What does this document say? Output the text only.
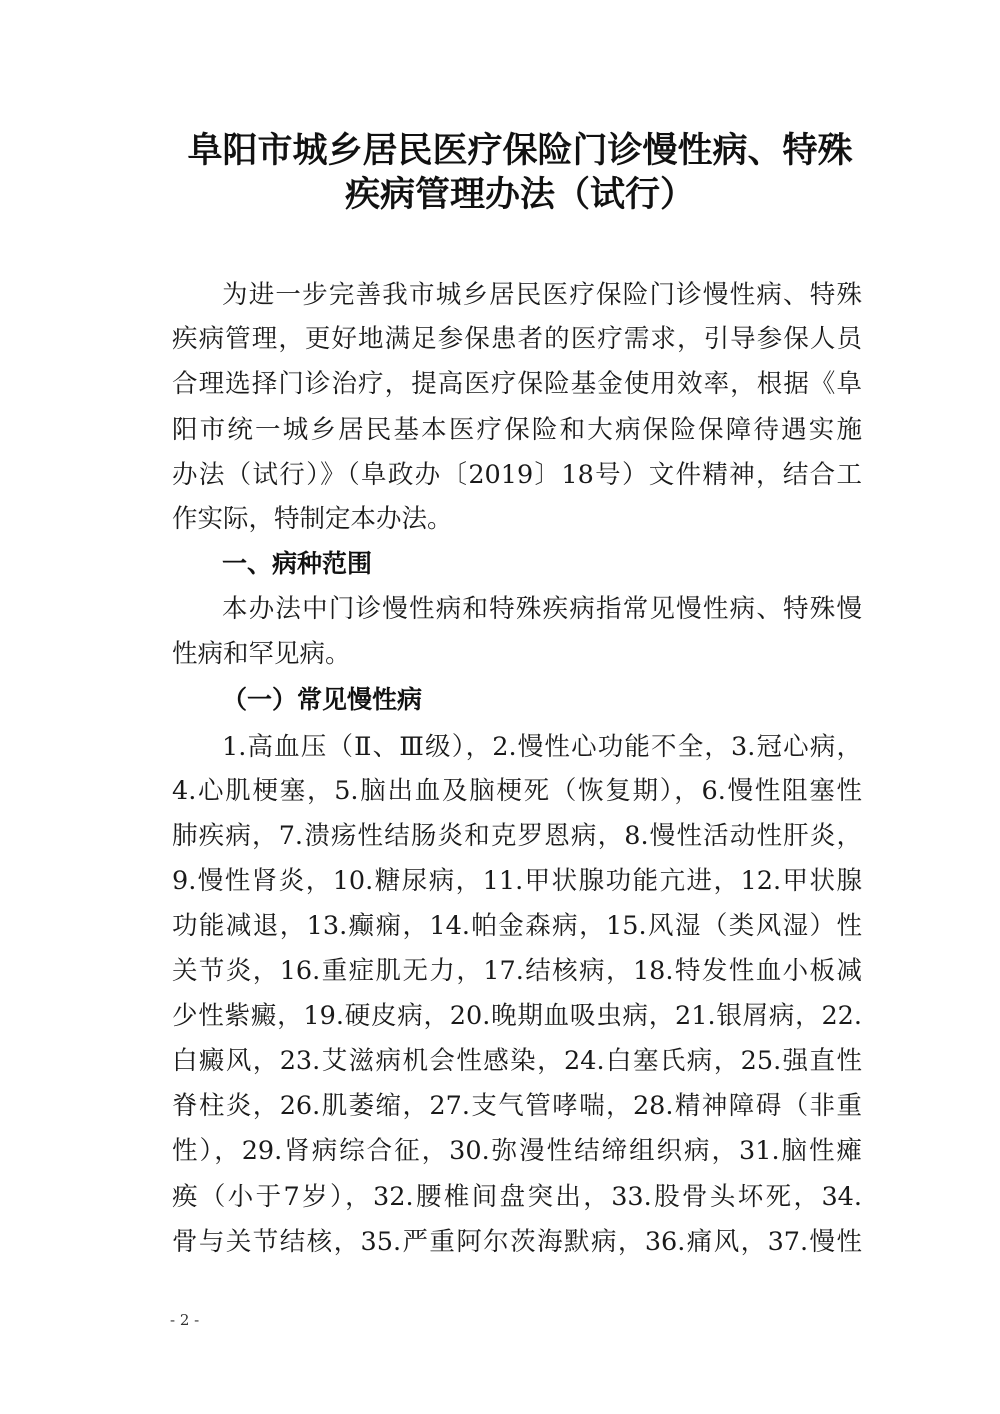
阜阳市城乡居民医疗保险门诊慢性病、特殊
疾病管理办法（试行）
为进一步完善我市城乡居民医疗保险门诊慢性病、特殊
疾病管理，更好地满足参保患者的医疗需求，引导参保人员
合理选择门诊治疗，提高医疗保险基金使用效率，根据《阜
阳市统一城乡居民基本医疗保险和大病保险保障待遇实施
办法（试行）》（阜政办〔2019〕18号）文件精神，结合工
作实际，特制定本办法。
一、病种范围
本办法中门诊慢性病和特殊疾病指常见慢性病、特殊慢
性病和罕见病。
（一）常见慢性病
1.高血压（Ⅱ、Ⅲ级），2.慢性心功能不全，3.冠心病，
4.心肌梗塞，5.脑出血及脑梗死（恢复期），6.慢性阻塞性
肺疾病，7.溃疡性结肠炎和克罗恩病，8.慢性活动性肝炎，
9.慢性肾炎，10.糖尿病，11.甲状腺功能亢进，12.甲状腺
功能减退，13.癫痫，14.帕金森病，15.风湿（类风湿）性
关节炎，16.重症肌无力，17.结核病，18.特发性血小板减
少性紫癜，19.硬皮病，20.晚期血吸虫病，21.银屑病，22.
白癜风，23.艾滋病机会性感染，24.白塞氏病，25.强直性
脊柱炎，26.肌萎缩，27.支气管哮喘，28.精神障碍（非重
性），29.肾病综合征，30.弥漫性结缔组织病，31.脑性瘫
痪（小于7岁），32.腰椎间盘突出，33.股骨头坏死，34.
骨与关节结核，35.严重阿尔茨海默病，36.痛风，37.慢性
- 2 -
